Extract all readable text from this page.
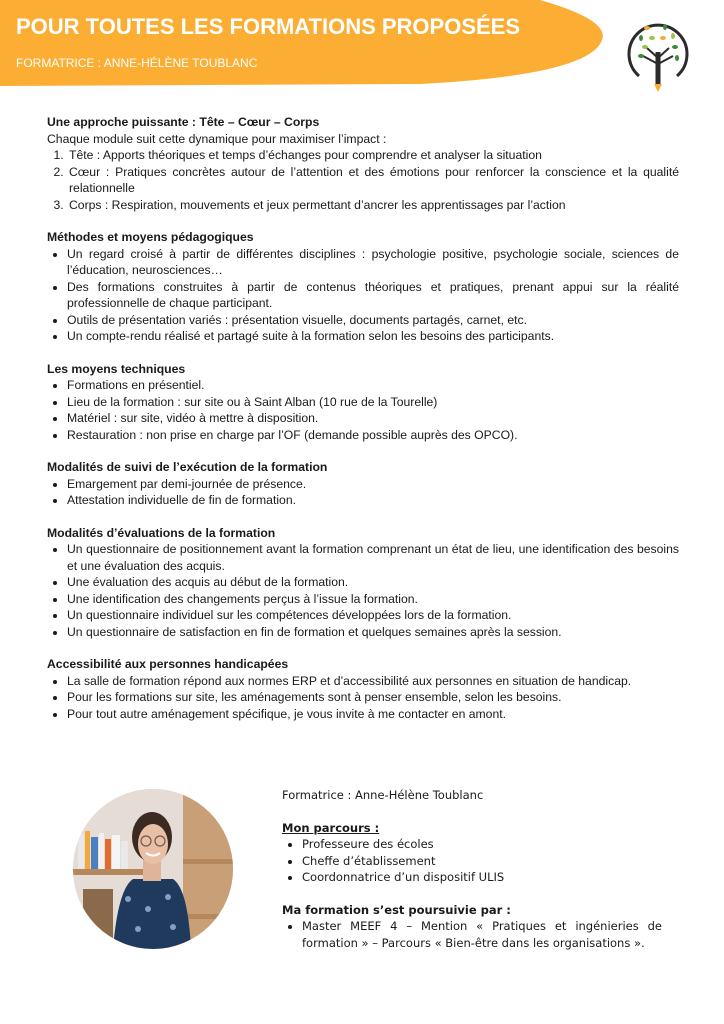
POUR TOUTES LES FORMATIONS PROPOSÉES
FORMATRICE : ANNE-HÉLÈNE TOUBLANC
Une approche puissante : Tête – Cœur – Corps
Chaque module suit cette dynamique pour maximiser l’impact :
1. Tête : Apports théoriques et temps d’échanges pour comprendre et analyser la situation
2. Cœur : Pratiques concrètes autour de l’attention et des émotions pour renforcer la conscience et la qualité relationnelle
3. Corps : Respiration, mouvements et jeux permettant d’ancrer les apprentissages par l’action
Méthodes et moyens pédagogiques
• Un regard croisé à partir de différentes disciplines : psychologie positive, psychologie sociale, sciences de l’éducation, neurosciences…
• Des formations construites à partir de contenus théoriques et pratiques, prenant appui sur la réalité professionnelle de chaque participant.
• Outils de présentation variés : présentation visuelle, documents partagés, carnet, etc.
• Un compte-rendu réalisé et partagé suite à la formation selon les besoins des participants.
Les moyens techniques
• Formations en présentiel.
• Lieu de la formation : sur site ou à Saint Alban (10 rue de la Tourelle)
• Matériel : sur site, vidéo à mettre à disposition.
• Restauration : non prise en charge par l’OF (demande possible auprès des OPCO).
Modalités de suivi de l’exécution de la formation
• Emargement par demi-journée de présence.
• Attestation individuelle de fin de formation.
Modalités d’évaluations de la formation
• Un questionnaire de positionnement avant la formation comprenant un état de lieu, une identification des besoins et une évaluation des acquis.
• Une évaluation des acquis au début de la formation.
• Une identification des changements perçus à l’issue la formation.
• Un questionnaire individuel sur les compétences développées lors de la formation.
• Un questionnaire de satisfaction en fin de formation et quelques semaines après la session.
Accessibilité aux personnes handicapées
• La salle de formation répond aux normes ERP et d’accessibilité aux personnes en situation de handicap.
• Pour les formations sur site, les aménagements sont à penser ensemble, selon les besoins.
• Pour tout autre aménagement spécifique, je vous invite à me contacter en amont.
Formatrice : Anne-Hélène Toublanc
Mon parcours :
• Professeure des écoles
• Cheffe d’établissement
• Coordonnatrice d’un dispositif ULIS
Ma formation s’est poursuivie par :
• Master MEEF 4 – Mention « Pratiques et ingénieries de formation » – Parcours « Bien-être dans les organisations ».
